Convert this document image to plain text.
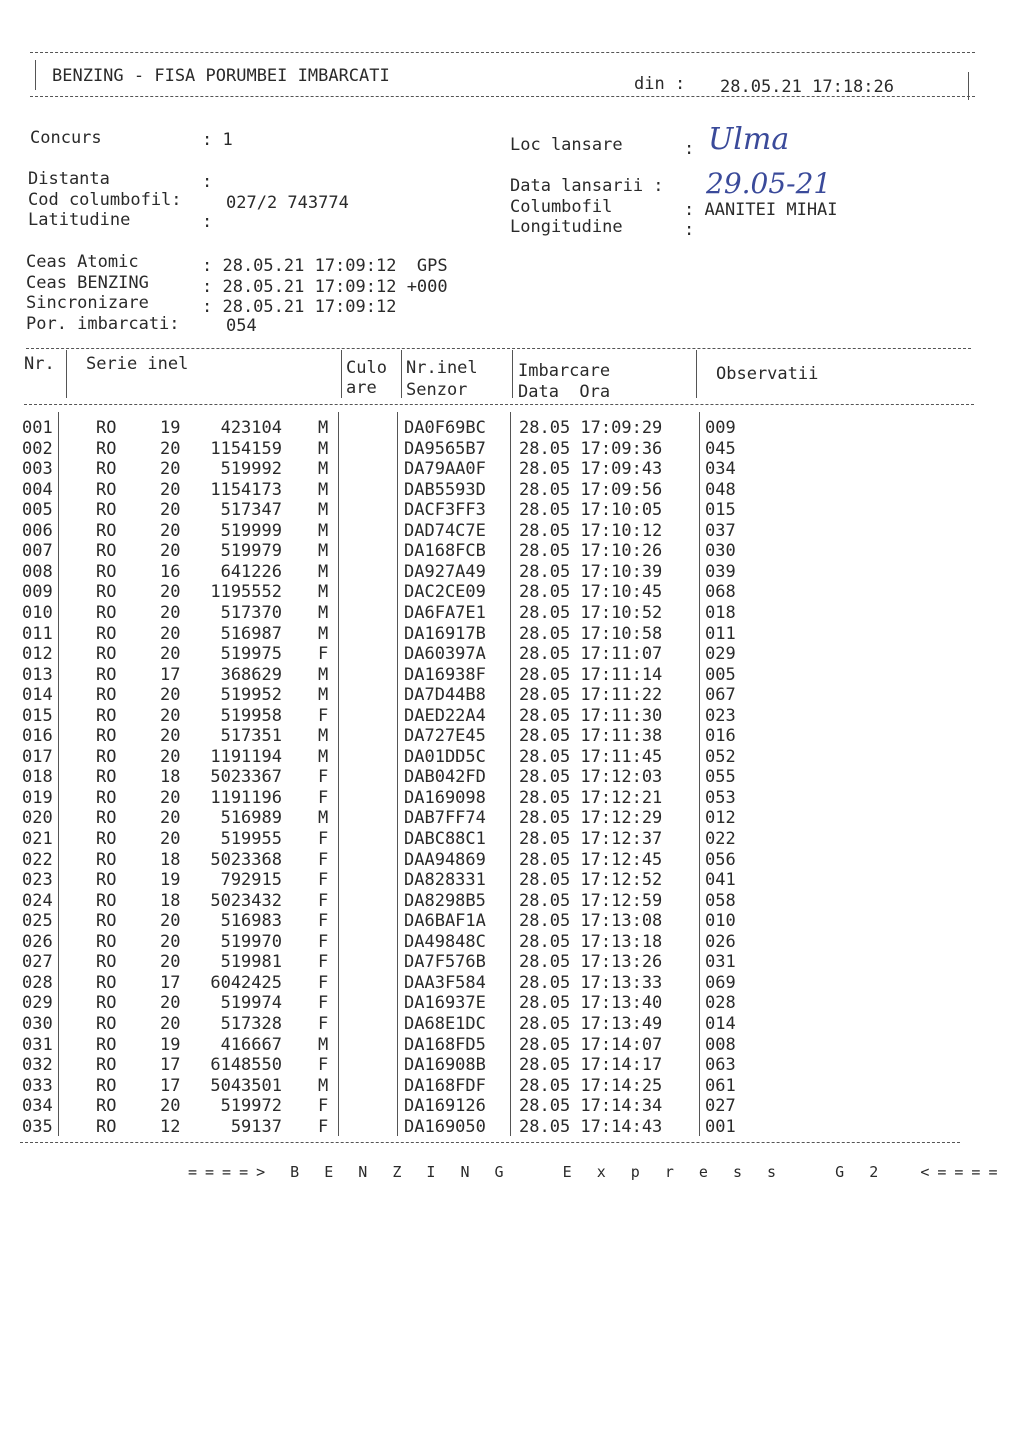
BENZING - FISA PORUMBEI IMBARCATI	din : 28.05.21 17:18:26
Concurs	: 1
Distanta	:
Cod columbofil:	027/2 743774
Latitudine	:
Loc lansare	: Ulma
Data lansarii : 29.05-21
Columbofil	: AANITEI MIHAI
Longitudine	:
Ceas Atomic	: 28.05.21 17:09:12  GPS
Ceas BENZING	: 28.05.21 17:09:12 +000
Sincronizare	: 28.05.21 17:09:12
Por. imbarcati:	054
Nr. Serie inel	Culo
are
Nr.inel
Senzor
Imbarcare
Data  Ora
Observatii
001	RO	19	423104 M	DA0F69BC 28.05 17:09:29	009
002	RO	20	1154159 M	DA9565B7 28.05 17:09:36	045
003	RO	20	519992 M	DA79AA0F 28.05 17:09:43	034
004	RO	20	1154173 M	DAB5593D 28.05 17:09:56	048
005	RO	20	517347 M	DACF3FF3 28.05 17:10:05	015
006	RO	20	519999 M	DAD74C7E 28.05 17:10:12	037
007	RO	20	519979 M	DA168FCB 28.05 17:10:26	030
008	RO	16	641226 M	DA927A49 28.05 17:10:39	039
009	RO	20	1195552 M	DAC2CE09 28.05 17:10:45	068
010	RO	20	517370 M	DA6FA7E1 28.05 17:10:52	018
011	RO	20	516987 M	DA16917B 28.05 17:10:58	011
012	RO	20	519975 F	DA60397A 28.05 17:11:07	029
013	RO	17	368629 M	DA16938F 28.05 17:11:14	005
014	RO	20	519952 M	DA7D44B8 28.05 17:11:22	067
015	RO	20	519958 F	DAED22A4 28.05 17:11:30	023
016	RO	20	517351 M	DA727E45 28.05 17:11:38	016
017	RO	20	1191194 M	DA01DD5C 28.05 17:11:45	052
018	RO	18	5023367 F	DAB042FD 28.05 17:12:03	055
019	RO	20	1191196 F	DA169098 28.05 17:12:21	053
020	RO	20	516989 M	DAB7FF74 28.05 17:12:29	012
021	RO	20	519955 F	DABC88C1 28.05 17:12:37	022
022	RO	18	5023368 F	DAA94869 28.05 17:12:45	056
023	RO	19	792915 F	DA828331 28.05 17:12:52	041
024	RO	18	5023432 F	DA8298B5 28.05 17:12:59	058
025	RO	20	516983 F	DA6BAF1A 28.05 17:13:08	010
026	RO	20	519970 F	DA49848C 28.05 17:13:18	026
027	RO	20	519981 F	DA7F576B 28.05 17:13:26	031
028	RO	17	6042425 F	DAA3F584 28.05 17:13:33	069
029	RO	20	519974 F	DA16937E 28.05 17:13:40	028
030	RO	20	517328 F	DA68E1DC 28.05 17:13:49	014
031	RO	19	416667 M	DA168FD5 28.05 17:14:07	008
032	RO	17	6148550 F	DA16908B 28.05 17:14:17	063
033	RO	17	5043501 M	DA168FDF 28.05 17:14:25	061
034	RO	20	519972 F	DA169126 28.05 17:14:34	027
035	RO	12	59137 F	DA169050 28.05 17:14:43	001
====> B E N Z I N G   E x p r e s s   G 2  <====
